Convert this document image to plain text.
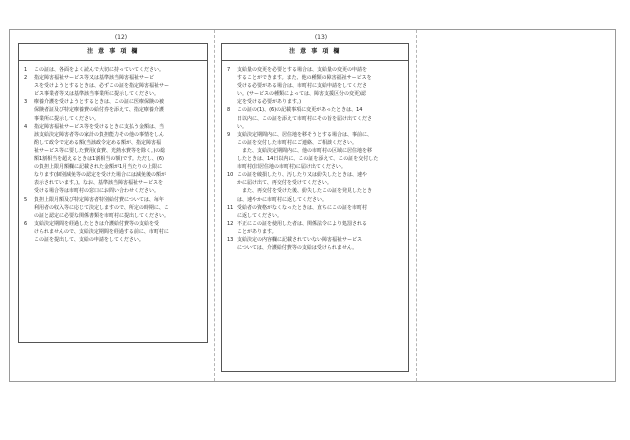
(12)	(13)
注 意 事 項 欄
1	この証は、各面をよく読んで大切に持っていてください。
2	指定障害福祉サービス等又は基準該当障害福祉サービ
スを受けようとするときは、必ずこの証を指定障害福祉サー
ビス事業者等又は基準該当事業所に提示してください。
3	療養介護を受けようとするときは、この証に医療保険の被
保険者証及び特定療養費の給付券を添えて、指定療養介護
事業所に提示してください。
4	指定障害福祉サービス等を受けるときに支払う金額は、当
該支給決定障害者等の家計の負担能力その他の事情をしん
酌して政令で定める額(当該政令定める額が、指定障害福
祉サービス等に要した費用(食費、光熱水費等を除く。)の総
額1割相当を超えるときは1割相当の額)です。ただし、(6)
の負担上限月額欄に記載された金額が1月当たりの上限に
なります(個別減免等の認定を受けた場合には減免後の額が
表示されています。)。なお、基準該当障害福祉サービスを
受ける場合等は市町村の窓口にお問い合わせください。
5	負担上限月額及び特定障害者特別給付費については、毎年
利用者の収入等に応じて決定しますので、所定の時期に、こ
の証と認定に必要な関係書類を市町村に提出してください。
6	支給決定期間を経過したときは介護給付費等の支給を受
けられませんので、支給決定期間を経過する前に、市町村に
この証を提出して、支給の申請をしてください。
注 意 事 項 欄
7	支給量の変更を必要とする場合は、支給量の変更の申請を
することができます。また、他の種類の障害福祉サービスを
受ける必要がある場合は、市町村に支給申請をしてくださ
い。(サービスの種類によっては、障害支援区分の変更)認
定を受ける必要があります。)
8	この証の(1)、(6)の記載事項に変更があったときは、14
日以内に、この証を添えて市町村にその旨を届け出てくださ
い。
9	支給決定期間内に、居住地を移そうとする場合は、事前に、
この証を交付した市町村にご連絡、ご相談ください。
　また、支給決定期間内に、他の市町村の区域に居住地を移
したときは、14日以内に、この証を添えて、この証を交付した
市町村(旧居住地の市町村)に届け出てください。
10 この証を破損したり、汚したり又は紛失したときは、速や
かに届け出て、再交付を受けてください。
　また、再交付を受けた後、紛失したこの証を発見したとき
は、速やかに市町村に返してください。
11 受給者の資格がなくなったときは、直ちにこの証を市町村
に返してください。
12 不正にこの証を使用した者は、関係法令により処罰される
ことがあります。
13 支給決定の内容欄に記載されていない障害福祉サービス
については、介護給付費等の支給は受けられません。
